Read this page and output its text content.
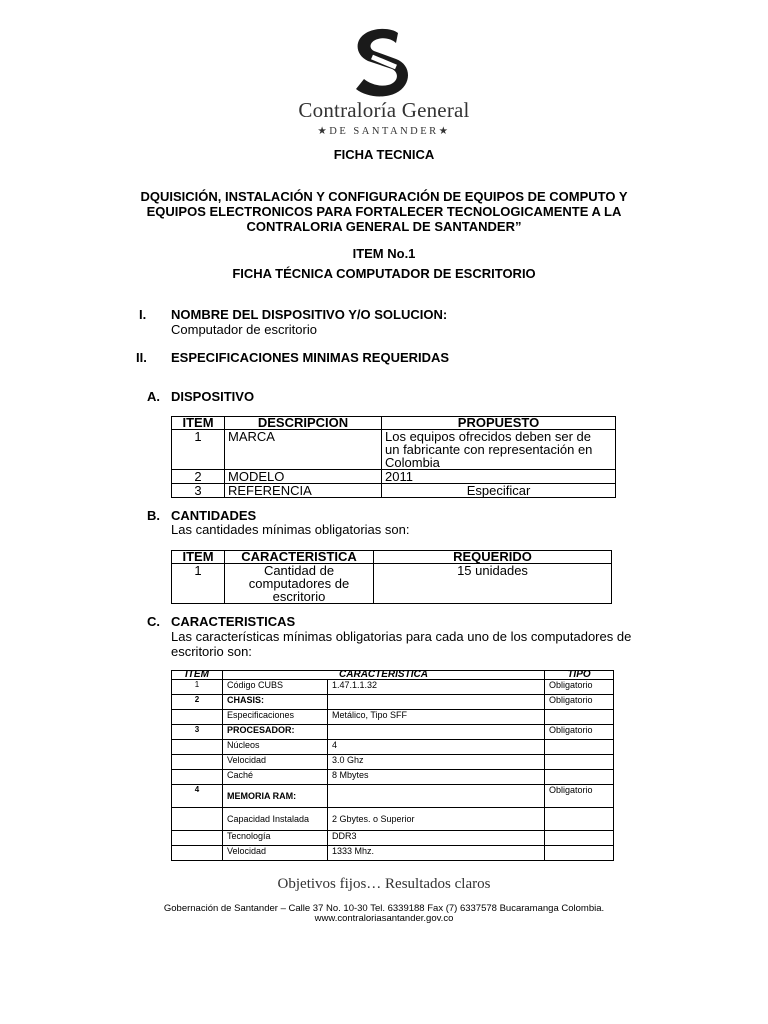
Contraloría General
★DE SANTANDER★
FICHA TECNICA
DQUISICIÓN, INSTALACIÓN Y CONFIGURACIÓN DE EQUIPOS DE COMPUTO Y EQUIPOS ELECTRONICOS PARA FORTALECER TECNOLOGICAMENTE A LA CONTRALORIA GENERAL DE SANTANDER”
ITEM No.1
FICHA TÉCNICA COMPUTADOR DE ESCRITORIO
I. NOMBRE DEL DISPOSITIVO Y/O SOLUCION:
Computador de escritorio
II. ESPECIFICACIONES MINIMAS REQUERIDAS
A. DISPOSITIVO
ITEM	DESCRIPCION	PROPUESTO
1	MARCA	Los equipos ofrecidos deben ser de un fabricante con representación en Colombia
2	MODELO	2011
3	REFERENCIA	Especificar
B. CANTIDADES
Las cantidades mínimas obligatorias son:
ITEM	CARACTERISTICA	REQUERIDO
1	Cantidad de computadores de escritorio	15 unidades
C. CARACTERISTICAS
Las características mínimas obligatorias para cada uno de los computadores de escritorio son:
ITEM	CARACTERISTICA		TIPO
1	Código CUBS	1.47.1.1.32	Obligatorio
2	CHASIS:		Obligatorio
	Especificaciones	Metálico, Tipo SFF	
3	PROCESADOR:		Obligatorio
	Núcleos	4	
	Velocidad	3.0 Ghz	
	Caché	8 Mbytes	
4	MEMORIA RAM:		Obligatorio
	Capacidad Instalada	2 Gbytes. o Superior	
	Tecnología	DDR3	
	Velocidad	1333 Mhz.	
Objetivos fijos… Resultados claros
Gobernación de Santander – Calle 37 No. 10-30 Tel. 6339188 Fax (7) 6337578 Bucaramanga Colombia.
www.contraloriasantander.gov.co
